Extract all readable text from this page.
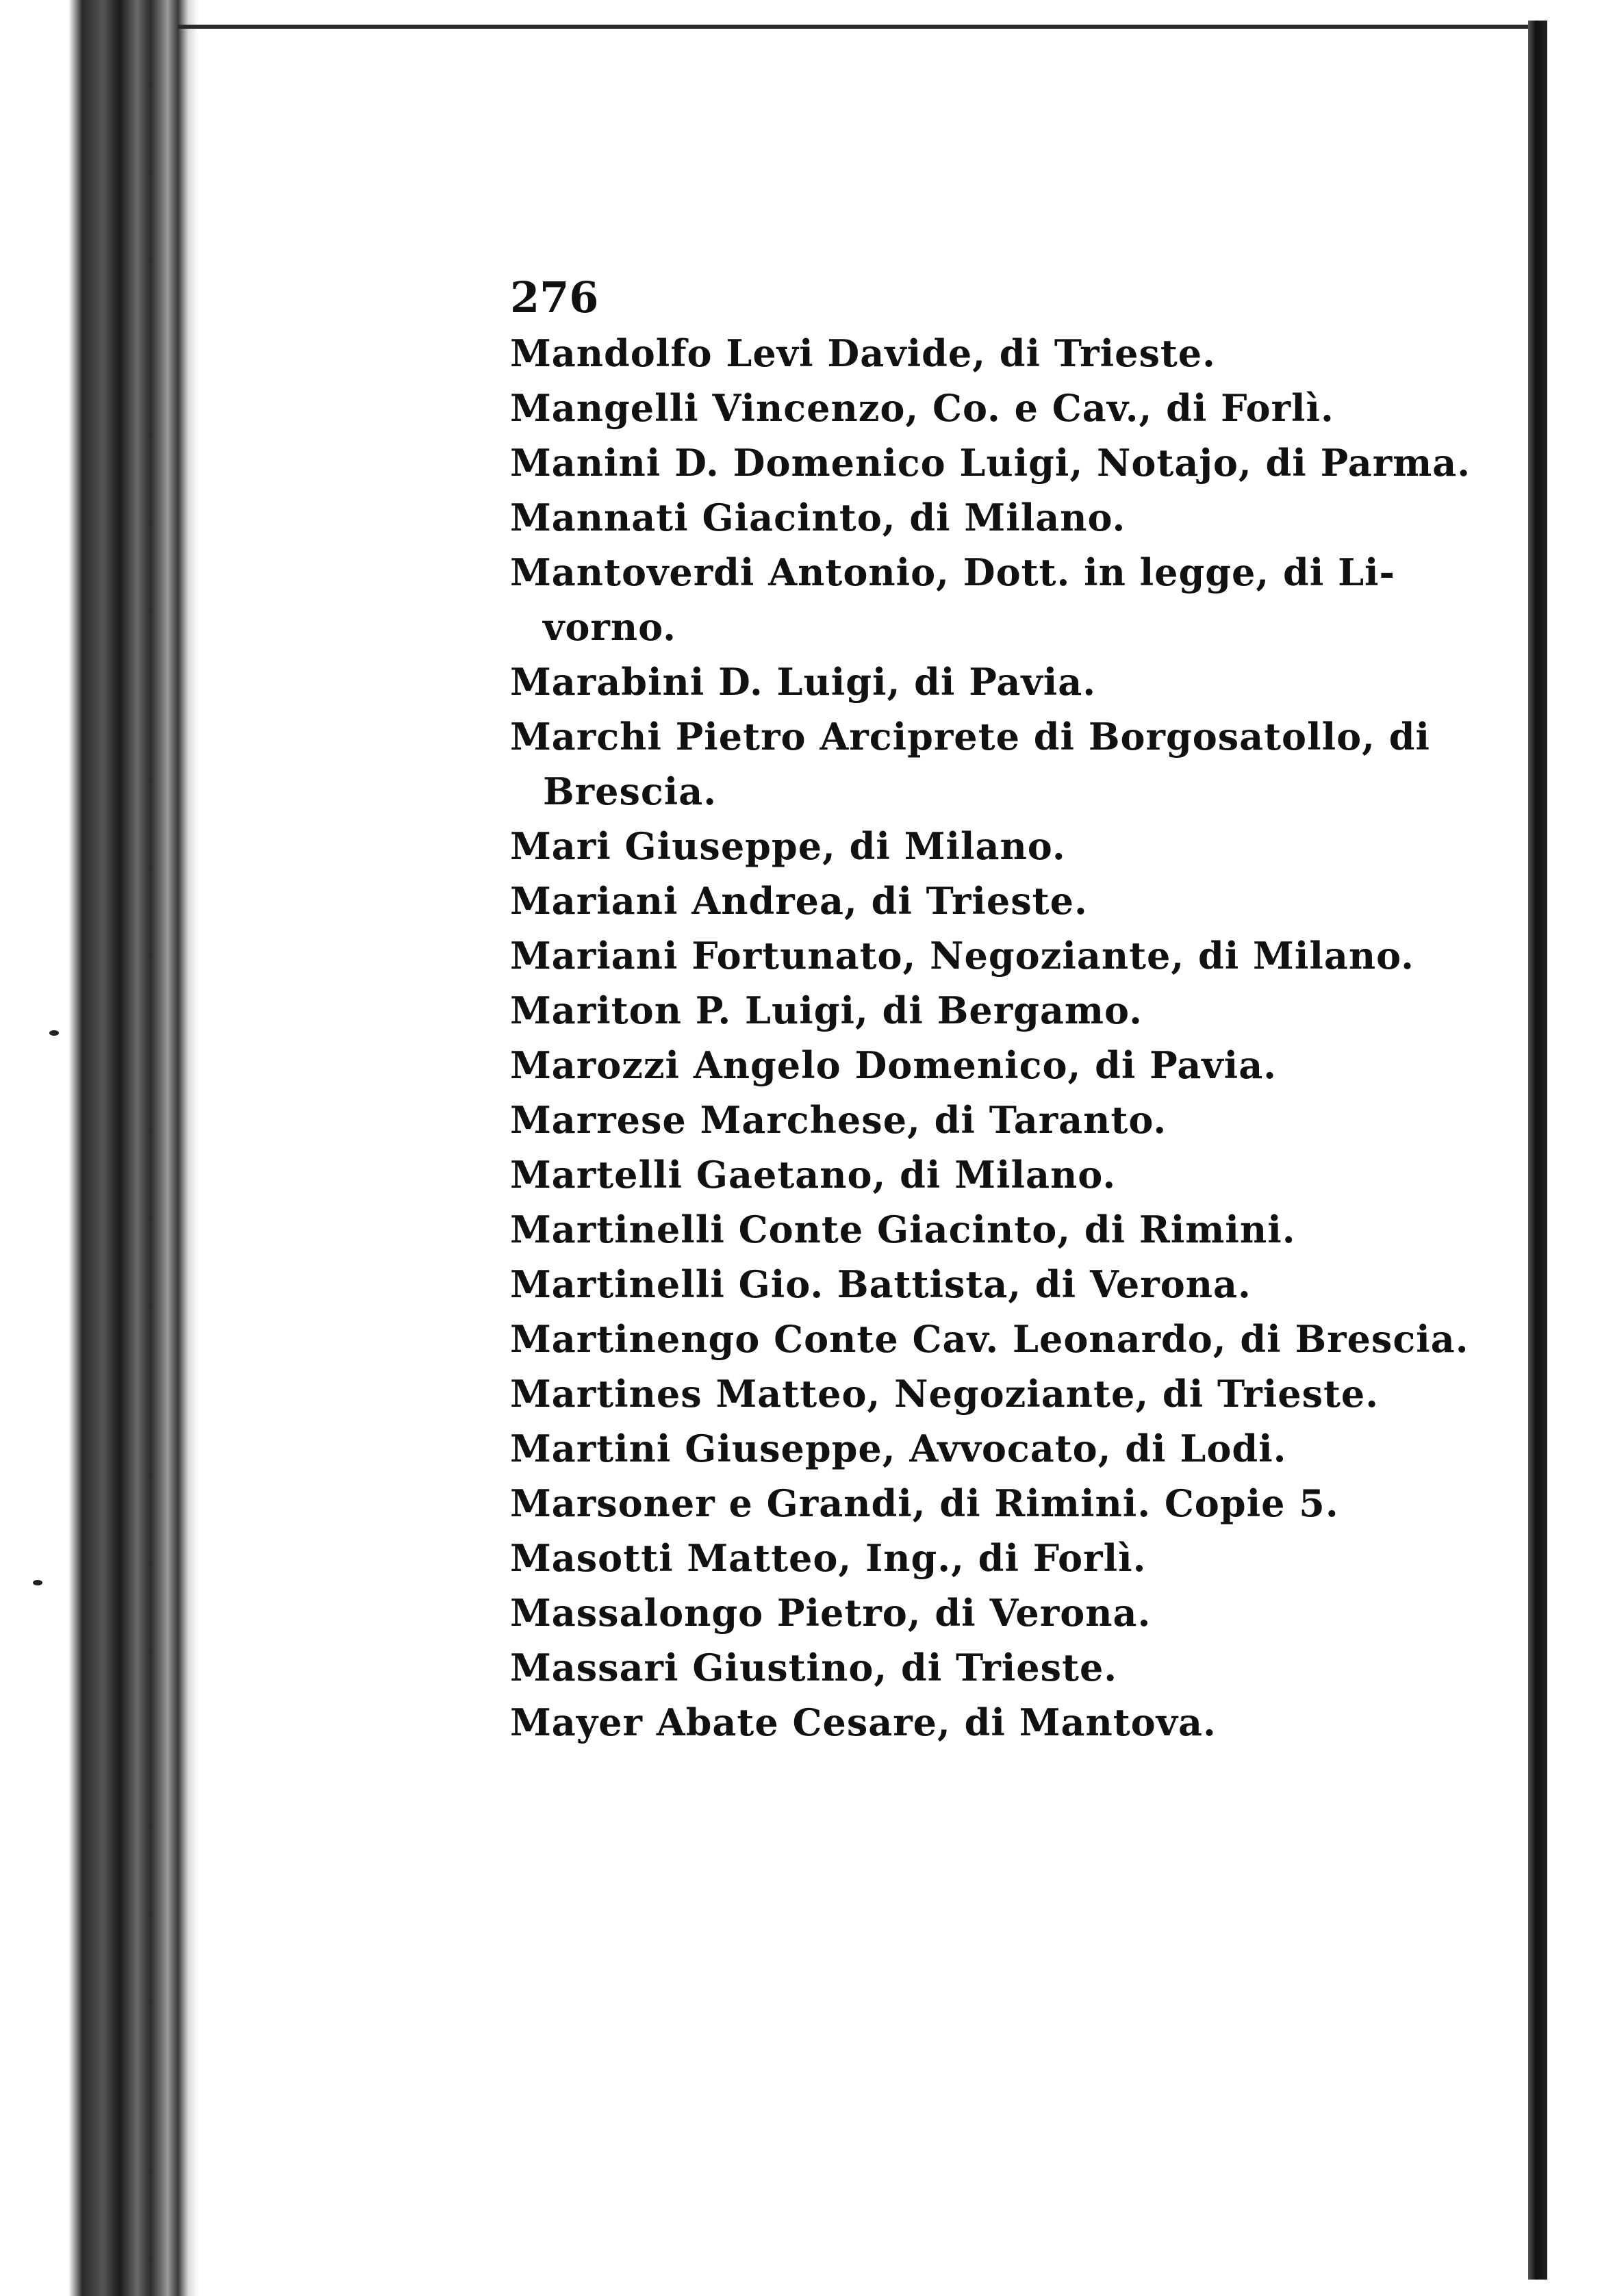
276

Mandolfo Levi Davide, di Trieste.

Mangelli Vincenzo, Co. e Cav., di Forlì.

Manini D. Domenico Luigi, Notajo, di Parma.

Mannati Giacinto, di Milano.

Mantoverdi Antonio, Dott. in legge, di Li-
vorno.

Marabini D. Luigi, di Pavia.

Marchi Pietro Arciprete di Borgosatollo, di
Brescia.

Mari Giuseppe, di Milano.

Mariani Andrea, di Trieste.

Mariani Fortunato, Negoziante, di Milano.

Mariton P. Luigi, di Bergamo.

Marozzi Angelo Domenico, di Pavia.

Marrese Marchese, di Taranto.

Martelli Gaetano, di Milano.

Martinelli Conte Giacinto, di Rimini.

Martinelli Gio. Battista, di Verona.

Martinengo Conte Cav. Leonardo, di Brescia.

Martines Matteo, Negoziante, di Trieste.

Martini Giuseppe, Avvocato, di Lodi.

Marsoner e Grandi, di Rimini. Copie 5.

Masotti Matteo, Ing., di Forlì.

Massalongo Pietro, di Verona.

Massari Giustino, di Trieste.

Mayer Abate Cesare, di Mantova.
